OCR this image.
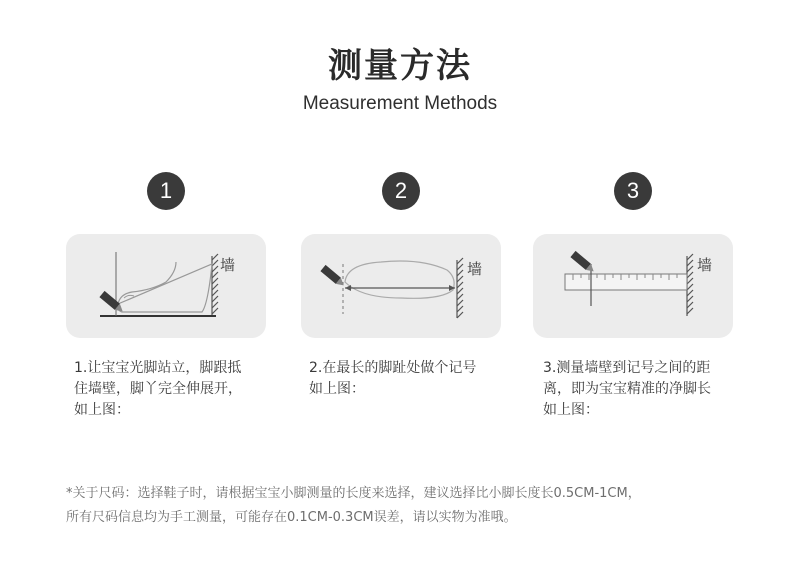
测量方法
Measurement Methods
1
墙
1.让宝宝光脚站立，脚跟抵
住墙壁，脚丫完全伸展开，
如上图：
2
墙
2.在最长的脚趾处做个记号
如上图：
3
墙
3.测量墙壁到记号之间的距
离，即为宝宝精准的净脚长
如上图：

*关于尺码：选择鞋子时，请根据宝宝小脚测量的长度来选择，建议选择比小脚长度长0.5CM-1CM，

所有尺码信息均为手工测量，可能存在0.1CM-0.3CM误差，请以实物为准哦。
